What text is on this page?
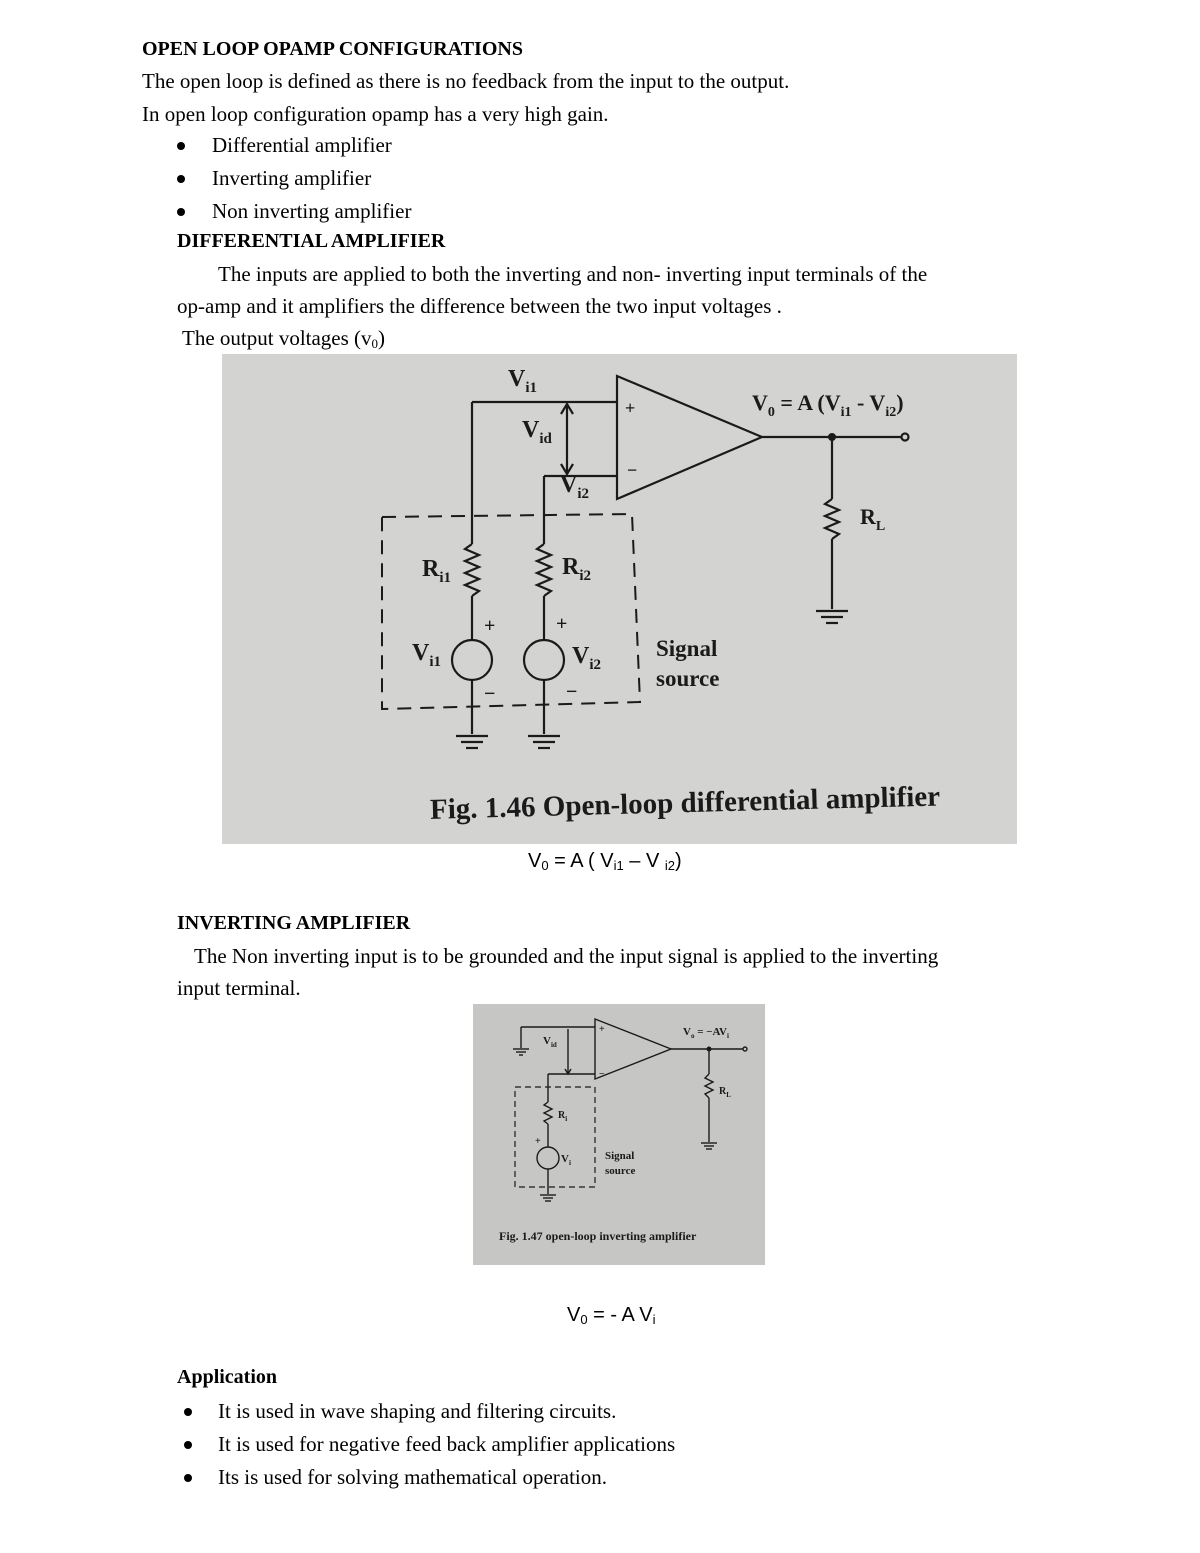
OPEN LOOP OPAMP CONFIGURATIONS
The open loop is defined as there is no feedback from the input to the output.
In open loop configuration opamp has a very high gain.
Differential amplifier
Inverting amplifier
Non inverting amplifier
DIFFERENTIAL AMPLIFIER
The inputs are applied to both the inverting and non- inverting input terminals of the
op-amp and it amplifiers the difference between the two input voltages .
The output voltages $(v_0)$
$V_{i1}$
$V_{id}$
$V_{i2}$
+
−
$V_0 = A$ $(V_{i1} - V_{i2})$
$R_L$
$R_{i1}$	$R_{i2}$
+	+
$V_{i1}$	$V_{i2}$
−	−
Signal
source
Fig. 1.46 Open-loop differential amplifier
$V_0 = A$ ( $V_{i1}$ – V $_{i2}$)
INVERTING AMPLIFIER
The Non inverting input is to be grounded and the input signal is applied to the inverting
input terminal.
$V_{id}$
+
−
$V_o = -AV_i$
$R_L$
$R_i$
+
$V_i$
Signal
source
Fig. 1.47 open-loop inverting amplifier
$V_0$ = - A $V_i$
Application
It is used in wave shaping and filtering circuits.
It is used for negative feed back amplifier applications
Its is used for solving mathematical operation.
